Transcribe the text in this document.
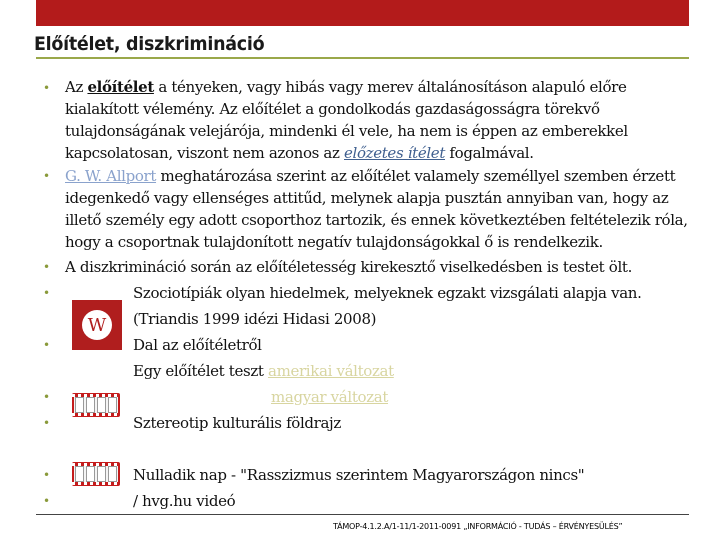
Előítélet, diszkrimináció
•
•
•
•
•
•
•
•
•
Az előítélet a tényeken, vagy hibás vagy merev általánosításon alapuló előre
kialakított vélemény. Az előítélet a gondolkodás gazdaságosságra törekvő
tulajdonságának velejárója, mindenki él vele, ha nem is éppen az emberekkel
kapcsolatosan, viszont nem azonos az előzetes ítélet fogalmával.
G. W. Allport meghatározása szerint az előítélet valamely személlyel szemben érzett
idegenkedő vagy ellenséges attitűd, melynek alapja pusztán annyiban van, hogy az
illető személy egy adott csoporthoz tartozik, és ennek következtében feltételezik róla,
hogy a csoportnak tulajdonított negatív tulajdonságokkal ő is rendelkezik.
A diszkrimináció során az előítéletesség kirekesztő viselkedésben is testet ölt.
Szociotípiák olyan hiedelmek, melyeknek egzakt vizsgálati alapja van.
(Triandis 1999 idézi Hidasi 2008)
W
Dal az előítéletről
Egy előítélet teszt amerikai változat
magyar változat
Sztereotip kulturális földrajz
Nulladik nap - "Rasszizmus szerintem Magyarországon nincs"
/ hvg.hu videó
TÁMOP-4.1.2.A/1-11/1-2011-0091 „INFORMÁCIÓ - TUDÁS – ÉRVÉNYESÜLÉS”
